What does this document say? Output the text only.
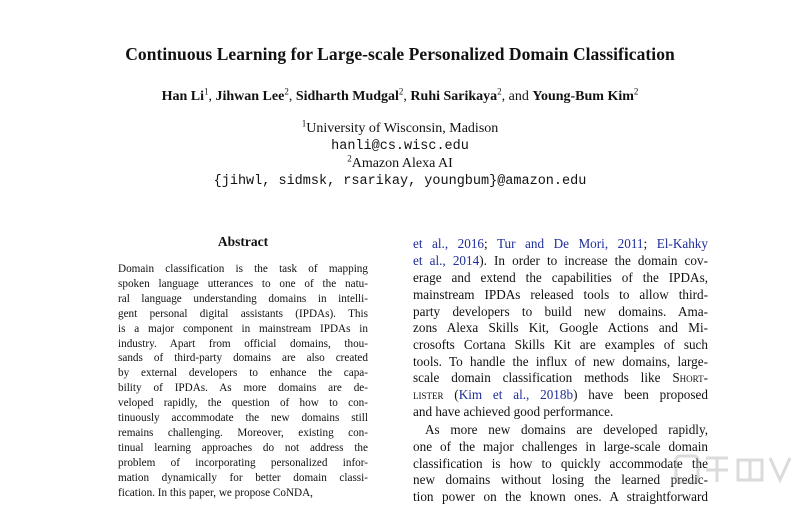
Continuous Learning for Large-scale Personalized Domain Classification
Han Li$^1$, Jihwan Lee$^2$, Sidharth Mudgal$^2$, Ruhi Sarikaya$^2$, and Young-Bum Kim$^2$
$^1$University of Wisconsin, Madison
hanli@cs.wisc.edu
$^2$Amazon Alexa AI
{jihwl, sidmsk, rsarikay, youngbum}@amazon.edu
Abstract
Domain classification is the task of mapping
spoken language utterances to one of the natu-
ral language understanding domains in intelli-
gent personal digital assistants (IPDAs). This
is a major component in mainstream IPDAs in
industry. Apart from official domains, thou-
sands of third-party domains are also created
by external developers to enhance the capa-
bility of IPDAs. As more domains are de-
veloped rapidly, the question of how to con-
tinuously accommodate the new domains still
remains challenging. Moreover, existing con-
tinual learning approaches do not address the
problem of incorporating personalized infor-
mation dynamically for better domain classi-
fication. In this paper, we propose CoNDA,
et al., 2016; Tur and De Mori, 2011; El-Kahky
et al., 2014). In order to increase the domain cov-
erage and extend the capabilities of the IPDAs,
mainstream IPDAs released tools to allow third-
party developers to build new domains. Ama-
zons Alexa Skills Kit, Google Actions and Mi-
crosofts Cortana Skills Kit are examples of such
tools. To handle the influx of new domains, large-
scale domain classification methods like Short-
lister (Kim et al., 2018b) have been proposed
and have achieved good performance.
As more new domains are developed rapidly,
one of the major challenges in large-scale domain
classification is how to quickly accommodate the
new domains without losing the learned predic-
tion power on the known ones. A straightforward
